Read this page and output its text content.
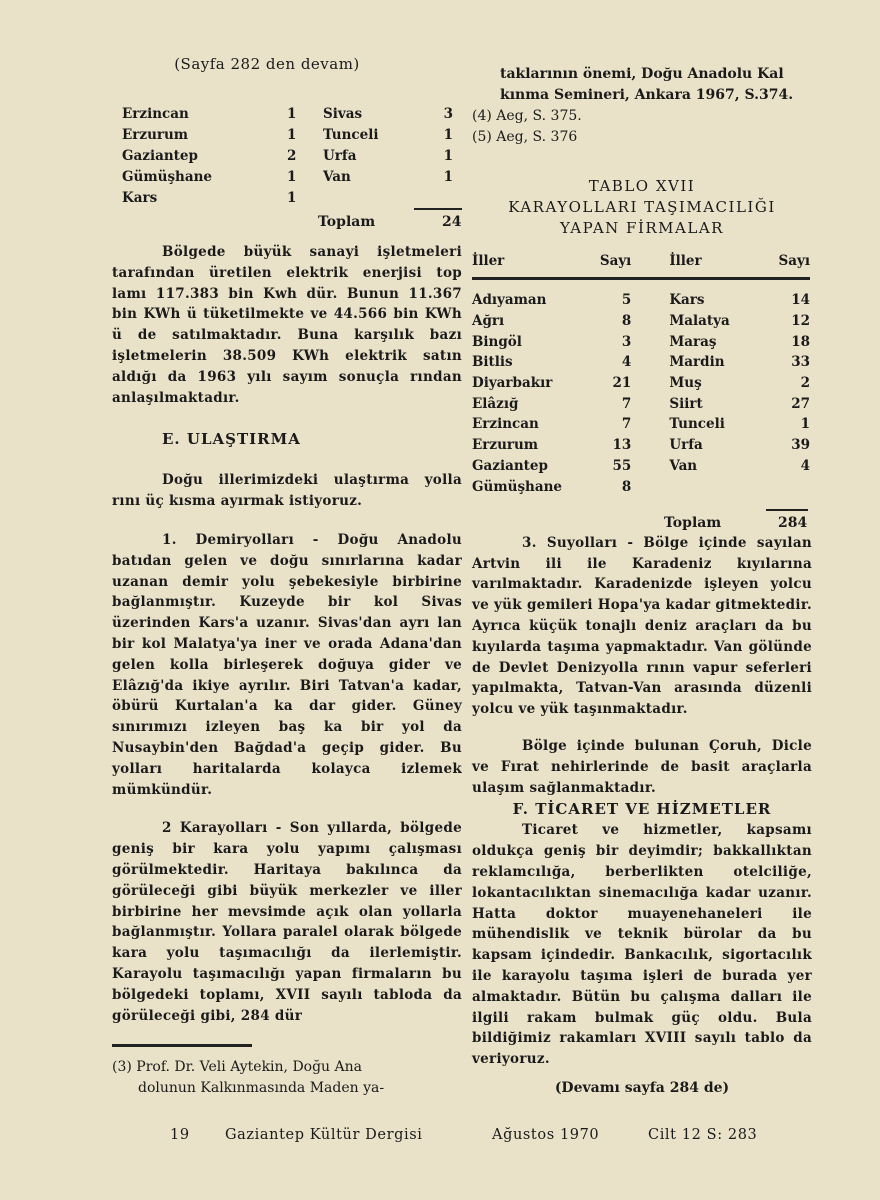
(Sayfa 282 den devam)

Erzincan	1	Sivas	3
Erzurum	1	Tunceli	1
Gaziantep	2	Urfa	1
Gümüşhane	1	Van	1
Kars	1		
Toplam	24

Bölgede büyük sanayi işletmeleri tarafından üretilen elektrik enerjisi top lamı 117.383 bin Kwh dür. Bunun 11.367 bin KWh ü tüketilmekte ve 44.566 bin KWh ü de satılmaktadır. Buna karşılık bazı işletmelerin 38.509 KWh elektrik satın aldığı da 1963 yılı sayım sonuçla rından anlaşılmaktadır.

E. ULAŞTIRMA

Doğu illerimizdeki ulaştırma yolla rını üç kısma ayırmak istiyoruz.

1. Demiryolları - Doğu Anadolu batıdan gelen ve doğu sınırlarına kadar uzanan demir yolu şebekesiyle birbirine bağlanmıştır. Kuzeyde bir kol Sivas üzerinden Kars'a uzanır. Sivas'dan ayrı lan bir kol Malatya'ya iner ve orada Adana'dan gelen kolla birleşerek doğuya gider ve Elâzığ'da ikiye ayrılır. Biri Tatvan'a kadar, öbürü Kurtalan'a ka dar gider. Güney sınırımızı izleyen baş ka bir yol da Nusaybin'den Bağdad'a geçip gider. Bu yolları haritalarda kolayca izlemek mümkündür.

2 Karayolları - Son yıllarda, bölgede geniş bir kara yolu yapımı çalışması görülmektedir. Haritaya bakılınca da görüleceği gibi büyük merkezler ve iller birbirine her mevsimde açık olan yollarla bağlanmıştır. Yollara paralel olarak bölgede kara yolu taşımacılığı da ilerlemiştir. Karayolu taşımacılığı yapan firmaların bu bölgedeki toplamı, XVII sayılı tabloda da görüleceği gibi, 284 dür

(3) Prof. Dr. Veli Aytekin, Doğu Ana

dolunun Kalkınmasında Maden ya-

taklarının önemi, Doğu Anadolu Kal

kınma Semineri, Ankara 1967, S.374.

(4) Aeg, S. 375.

(5) Aeg, S. 376

TABLO XVII
KARAYOLLARI TAŞIMACILIĞI
YAPAN FİRMALAR
İller	Sayı	İller	Sayı
Adıyaman	5	Kars	14
Ağrı	8	Malatya	12
Bingöl	3	Maraş	18
Bitlis	4	Mardin	33
Diyarbakır	21	Muş	2
Elâzığ	7	Siirt	27
Erzincan	7	Tunceli	1
Erzurum	13	Urfa	39
Gaziantep	55	Van	4
Gümüşhane	8		
Toplam	284

3. Suyolları - Bölge içinde sayılan Artvin ili ile Karadeniz kıyılarına varılmaktadır. Karadenizde işleyen yolcu ve yük gemileri Hopa'ya kadar gitmektedir. Ayrıca küçük tonajlı deniz araçları da bu kıyılarda taşıma yapmaktadır. Van gölünde de Devlet Denizyolla rının vapur seferleri yapılmakta, Tatvan-Van arasında düzenli yolcu ve yük taşınmaktadır.

Bölge içinde bulunan Çoruh, Dicle ve Fırat nehirlerinde de basit araçlarla ulaşım sağlanmaktadır.

F. TİCARET VE HİZMETLER

Ticaret ve hizmetler, kapsamı oldukça geniş bir deyimdir; bakkallıktan reklamcılığa, berberlikten otelciliğe, lokantacılıktan sinemacılığa kadar uzanır. Hatta doktor muayenehaneleri ile mühendislik ve teknik bürolar da bu kapsam içindedir. Bankacılık, sigortacılık ile karayolu taşıma işleri de burada yer almaktadır. Bütün bu çalışma dalları ile ilgili rakam bulmak güç oldu. Bula bildiğimiz rakamları XVIII sayılı tablo da veriyoruz.

(Devamı sayfa 284 de)

19 Gaziantep Kültür Dergisi	Ağustos 1970	Cilt 12 S: 283
